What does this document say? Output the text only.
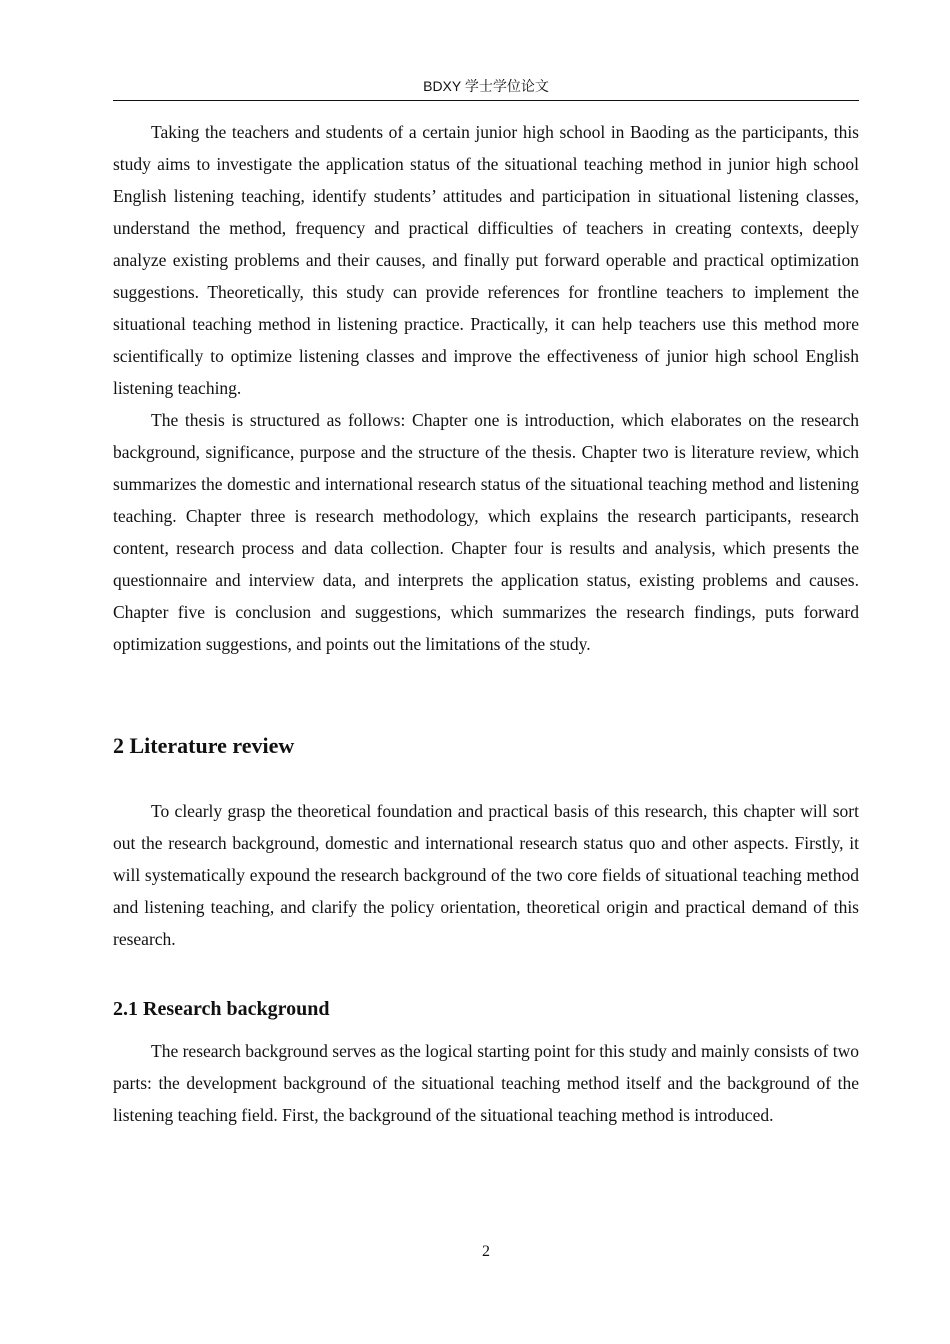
BDXY 学士学位论文

Taking the teachers and students of a certain junior high school in Baoding as the participants, this study aims to investigate the application status of the situational teaching method in junior high school English listening teaching, identify students’ attitudes and participation in situational listening classes, understand the method, frequency and practical difficulties of teachers in creating contexts, deeply analyze existing problems and their causes, and finally put forward operable and practical optimization suggestions. Theoretically, this study can provide references for frontline teachers to implement the situational teaching method in listening practice. Practically, it can help teachers use this method more scientifically to optimize listening classes and improve the effectiveness of junior high school English listening teaching.

The thesis is structured as follows: Chapter one is introduction, which elaborates on the research background, significance, purpose and the structure of the thesis. Chapter two is literature review, which summarizes the domestic and international research status of the situational teaching method and listening teaching. Chapter three is research methodology, which explains the research participants, research content, research process and data collection. Chapter four is results and analysis, which presents the questionnaire and interview data, and interprets the application status, existing problems and causes. Chapter five is conclusion and suggestions, which summarizes the research findings, puts forward optimization suggestions, and points out the limitations of the study.

2 Literature review

To clearly grasp the theoretical foundation and practical basis of this research, this chapter will sort out the research background, domestic and international research status quo and other aspects. Firstly, it will systematically expound the research background of the two core fields of situational teaching method and listening teaching, and clarify the policy orientation, theoretical origin and practical demand of this research.

2.1 Research background

The research background serves as the logical starting point for this study and mainly consists of two parts: the development background of the situational teaching method itself and the background of the listening teaching field. First, the background of the situational teaching method is introduced.

2
